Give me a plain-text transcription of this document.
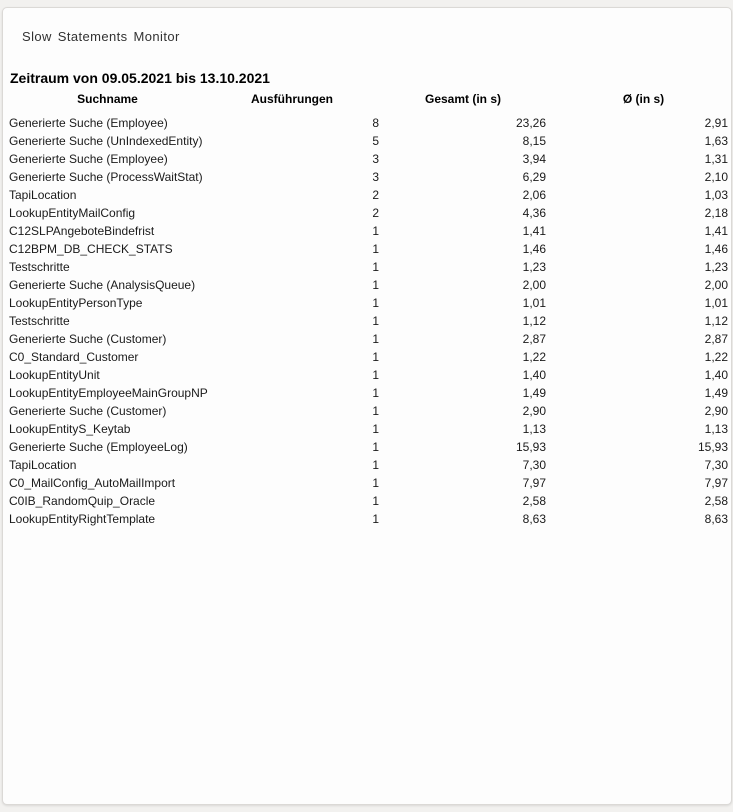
Slow Statements Monitor
Zeitraum von 09.05.2021 bis 13.10.2021
Suchname	Ausführungen	Gesamt (in s)	Ø (in s)
Generierte Suche (Employee)	8	23,26	2,91
Generierte Suche (UnIndexedEntity)	5	8,15	1,63
Generierte Suche (Employee)	3	3,94	1,31
Generierte Suche (ProcessWaitStat)	3	6,29	2,10
TapiLocation	2	2,06	1,03
LookupEntityMailConfig	2	4,36	2,18
C12SLPAngeboteBindefrist	1	1,41	1,41
C12BPM_DB_CHECK_STATS	1	1,46	1,46
Testschritte	1	1,23	1,23
Generierte Suche (AnalysisQueue)	1	2,00	2,00
LookupEntityPersonType	1	1,01	1,01
Testschritte	1	1,12	1,12
Generierte Suche (Customer)	1	2,87	2,87
C0_Standard_Customer	1	1,22	1,22
LookupEntityUnit	1	1,40	1,40
LookupEntityEmployeeMainGroupNP	1	1,49	1,49
Generierte Suche (Customer)	1	2,90	2,90
LookupEntityS_Keytab	1	1,13	1,13
Generierte Suche (EmployeeLog)	1	15,93	15,93
TapiLocation	1	7,30	7,30
C0_MailConfig_AutoMailImport	1	7,97	7,97
C0IB_RandomQuip_Oracle	1	2,58	2,58
LookupEntityRightTemplate	1	8,63	8,63
